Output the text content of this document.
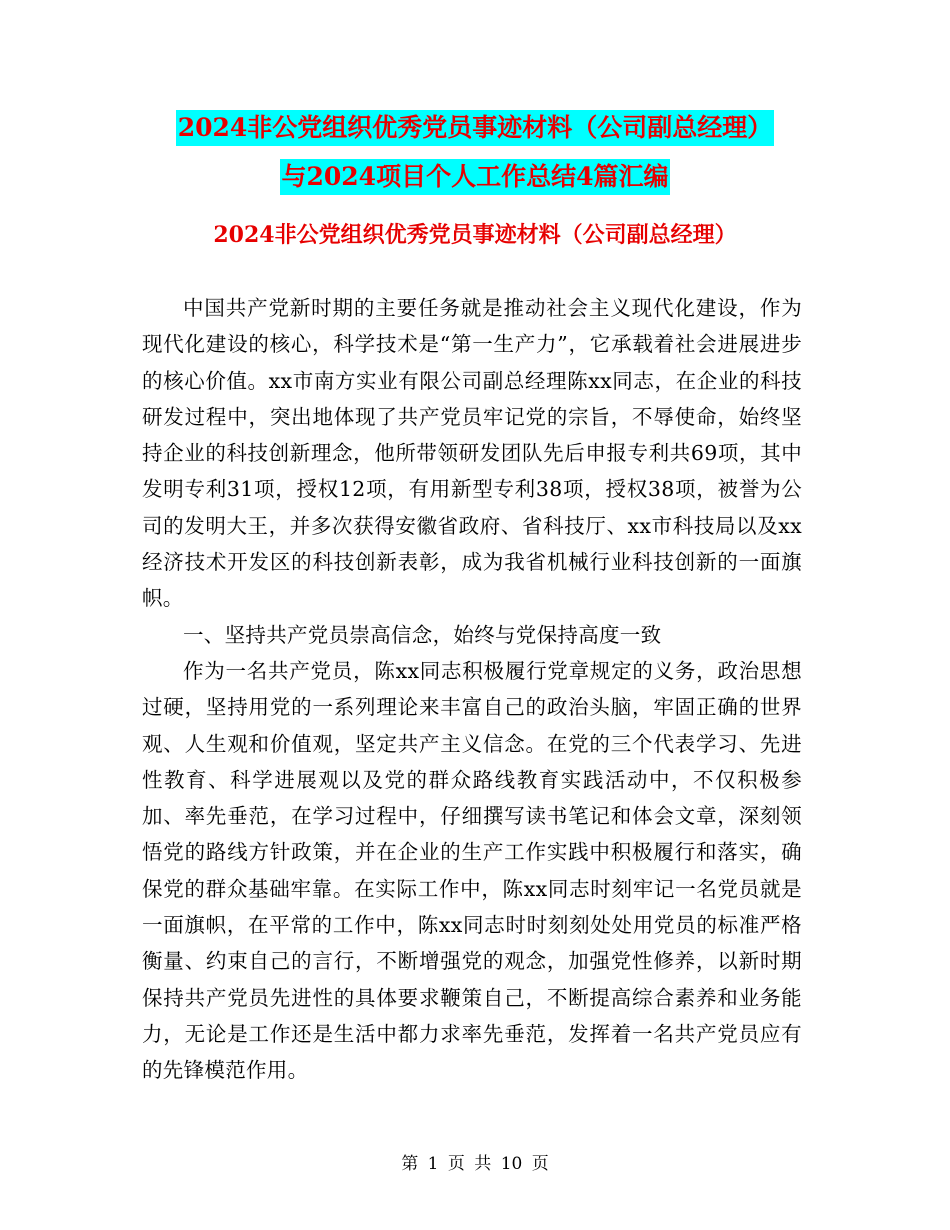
2024非公党组织优秀党员事迹材料（公司副总经理）
与2024项目个人工作总结4篇汇编
2024非公党组织优秀党员事迹材料（公司副总经理）

中国共产党新时期的主要任务就是推动社会主义现代化建设，作为现代化建设的核心，科学技术是“第一生产力”，它承载着社会进展进步的核心价值。xx市南方实业有限公司副总经理陈xx同志，在企业的科技研发过程中，突出地体现了共产党员牢记党的宗旨，不辱使命，始终坚持企业的科技创新理念，他所带领研发团队先后申报专利共69项，其中发明专利31项，授权12项，有用新型专利38项，授权38项，被誉为公司的发明大王，并多次获得安徽省政府、省科技厅、xx市科技局以及xx经济技术开发区的科技创新表彰，成为我省机械行业科技创新的一面旗帜。

一、坚持共产党员崇高信念，始终与党保持高度一致

作为一名共产党员，陈xx同志积极履行党章规定的义务，政治思想过硬，坚持用党的一系列理论来丰富自己的政治头脑，牢固正确的世界观、人生观和价值观，坚定共产主义信念。在党的三个代表学习、先进性教育、科学进展观以及党的群众路线教育实践活动中，不仅积极参加、率先垂范，在学习过程中，仔细撰写读书笔记和体会文章，深刻领悟党的路线方针政策，并在企业的生产工作实践中积极履行和落实，确保党的群众基础牢靠。在实际工作中，陈xx同志时刻牢记一名党员就是一面旗帜，在平常的工作中，陈xx同志时时刻刻处处用党员的标准严格衡量、约束自己的言行，不断增强党的观念，加强党性修养，以新时期保持共产党员先进性的具体要求鞭策自己，不断提高综合素养和业务能力，无论是工作还是生活中都力求率先垂范，发挥着一名共产党员应有的先锋模范作用。

第 1 页 共 10 页
